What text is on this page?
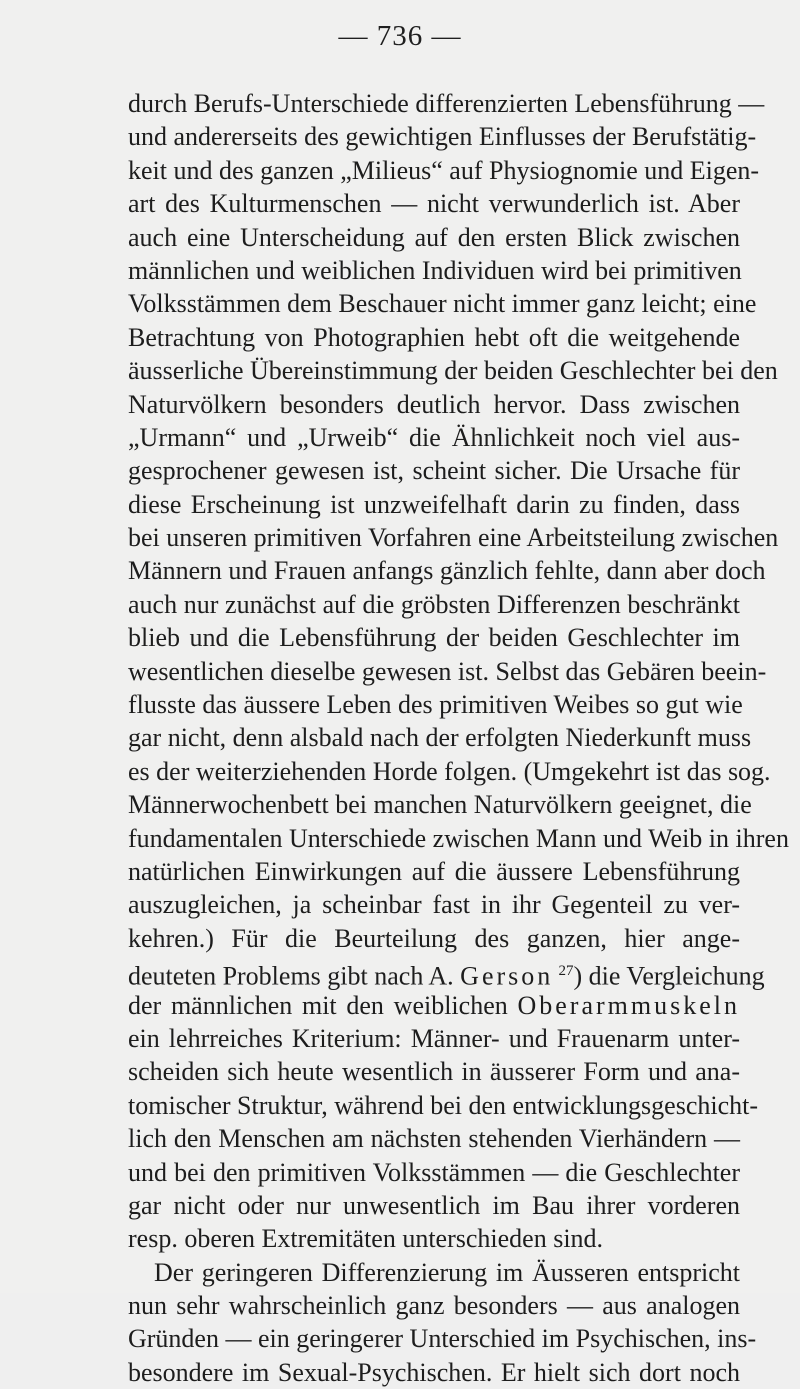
— 736 —
durch Berufs-Unterschiede differenzierten Lebensführung —
und andererseits des gewichtigen Einflusses der Berufstätig-
keit und des ganzen „Milieus“ auf Physiognomie und Eigen-
art des Kulturmenschen — nicht verwunderlich ist. Aber
auch eine Unterscheidung auf den ersten Blick zwischen
männlichen und weiblichen Individuen wird bei primitiven
Volksstämmen dem Beschauer nicht immer ganz leicht; eine
Betrachtung von Photographien hebt oft die weitgehende
äusserliche Übereinstimmung der beiden Geschlechter bei den
Naturvölkern besonders deutlich hervor. Dass zwischen
„Urmann“ und „Urweib“ die Ähnlichkeit noch viel aus-
gesprochener gewesen ist, scheint sicher. Die Ursache für
diese Erscheinung ist unzweifelhaft darin zu finden, dass
bei unseren primitiven Vorfahren eine Arbeitsteilung zwischen
Männern und Frauen anfangs gänzlich fehlte, dann aber doch
auch nur zunächst auf die gröbsten Differenzen beschränkt
blieb und die Lebensführung der beiden Geschlechter im
wesentlichen dieselbe gewesen ist. Selbst das Gebären beein-
flusste das äussere Leben des primitiven Weibes so gut wie
gar nicht, denn alsbald nach der erfolgten Niederkunft muss
es der weiterziehenden Horde folgen. (Umgekehrt ist das sog.
Männerwochenbett bei manchen Naturvölkern geeignet, die
fundamentalen Unterschiede zwischen Mann und Weib in ihren
natürlichen Einwirkungen auf die äussere Lebensführung
auszugleichen, ja scheinbar fast in ihr Gegenteil zu ver-
kehren.) Für die Beurteilung des ganzen, hier ange-
deuteten Problems gibt nach A. Gerson  $^{27}$) die Vergleichung
der männlichen mit den weiblichen Oberarmmuskeln
ein lehrreiches Kriterium: Männer- und Frauenarm unter-
scheiden sich heute wesentlich in äusserer Form und ana-
tomischer Struktur, während bei den entwicklungsgeschicht-
lich den Menschen am nächsten stehenden Vierhändern —
und bei den primitiven Volksstämmen — die Geschlechter
gar nicht oder nur unwesentlich im Bau ihrer vorderen
resp. oberen Extremitäten unterschieden sind.
Der geringeren Differenzierung im Äusseren entspricht
nun sehr wahrscheinlich ganz besonders — aus analogen
Gründen — ein geringerer Unterschied im Psychischen, ins-
besondere im Sexual-Psychischen. Er hielt sich dort noch
